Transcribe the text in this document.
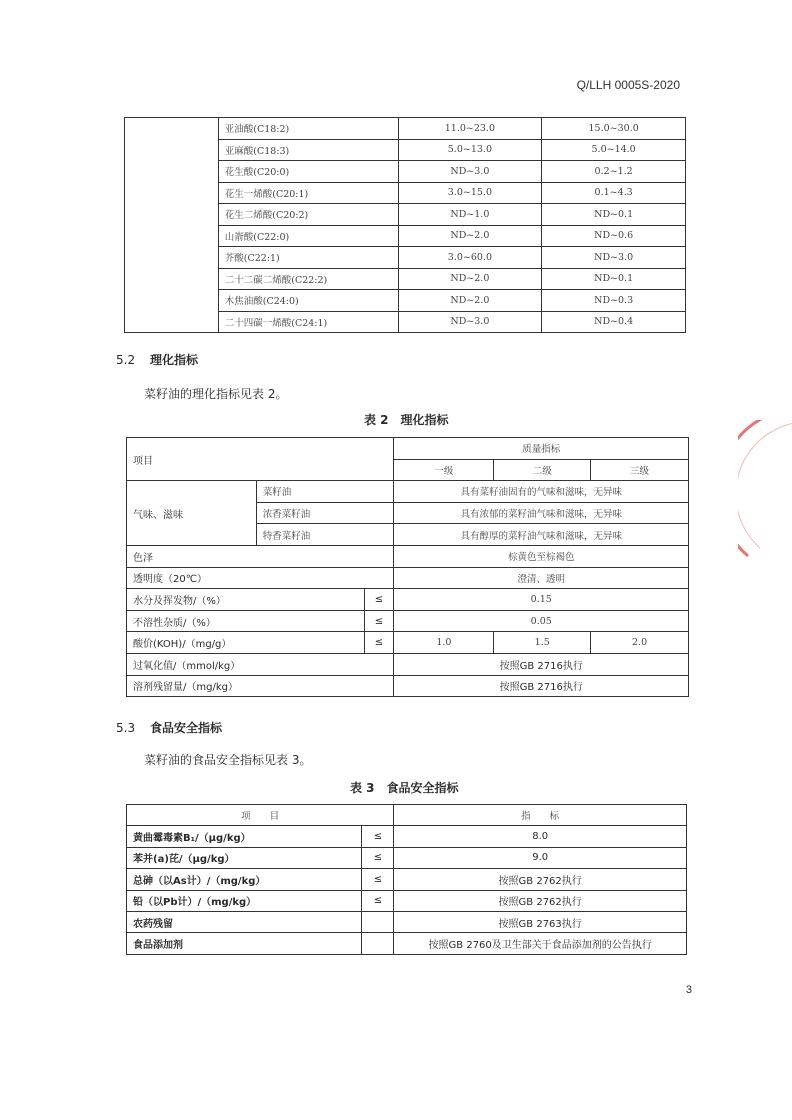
Q/LLH 0005S-2020
	亚油酸(C18:2)	11.0~23.0	15.0~30.0
	亚麻酸(C18:3)	5.0~13.0	5.0~14.0
	花生酸(C20:0)	ND~3.0	0.2~1.2
	花生一烯酸(C20:1)	3.0~15.0	0.1~4.3
	花生二烯酸(C20:2)	ND~1.0	ND~0.1
	山嵛酸(C22:0)	ND~2.0	ND~0.6
	芥酸(C22:1)	3.0~60.0	ND~3.0
	二十二碳二烯酸(C22:2)	ND~2.0	ND~0.1
	木焦油酸(C24:0)	ND~2.0	ND~0.3
	二十四碳一烯酸(C24:1)	ND~3.0	ND~0.4
5.2 理化指标
菜籽油的理化指标见表 2。
表 2　理化指标
项目			质量指标		
			一级	二级	三级
气味、滋味	菜籽油		具有菜籽油固有的气味和滋味，无异味		
	浓香菜籽油		具有浓郁的菜籽油气味和滋味，无异味		
	特香菜籽油		具有醇厚的菜籽油气味和滋味，无异味		
色泽			棕黄色至棕褐色		
透明度（20℃）			澄清、透明		
水分及挥发物/（%）		≤	0.15		
不溶性杂质/（%）		≤	0.05		
酸价(KOH)/（mg/g）		≤	1.0	1.5	2.0
过氧化值/（mmol/kg）			按照GB 2716执行		
溶剂残留量/（mg/kg）			按照GB 2716执行		
5.3 食品安全指标
菜籽油的食品安全指标见表 3。
表 3　食品安全指标
项　　目		指　　标
黄曲霉毒素B₁/（μg/kg）	≤	8.0
苯并(a)芘/（μg/kg）	≤	9.0
总砷（以As计）/（mg/kg）	≤	按照GB 2762执行
铅（以Pb计）/（mg/kg）	≤	按照GB 2762执行
农药残留		按照GB 2763执行
食品添加剂		按照GB 2760及卫生部关于食品添加剂的公告执行
3
